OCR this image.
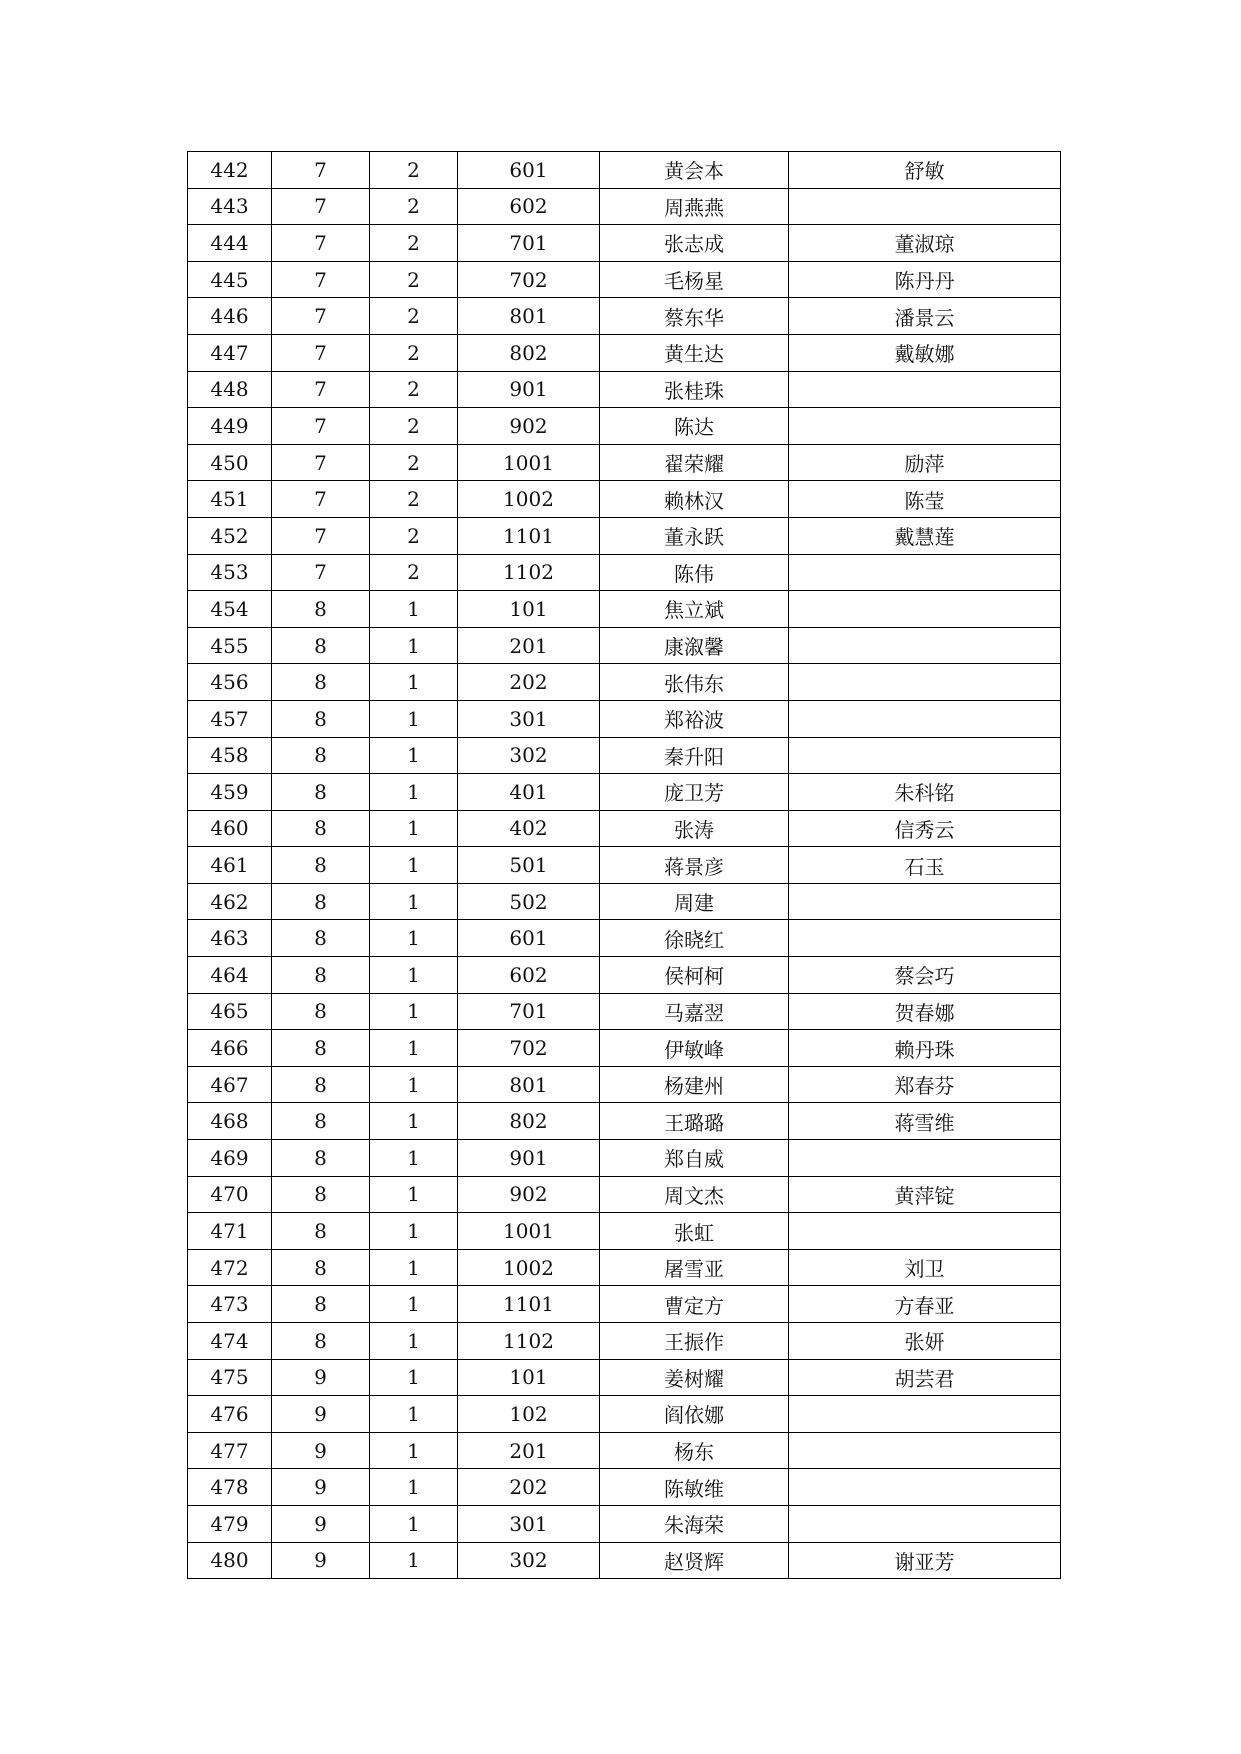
442	7	2	601	黄会本	舒敏
443	7	2	602	周燕燕	
444	7	2	701	张志成	董淑琼
445	7	2	702	毛杨星	陈丹丹
446	7	2	801	蔡东华	潘景云
447	7	2	802	黄生达	戴敏娜
448	7	2	901	张桂珠	
449	7	2	902	陈达	
450	7	2	1001	翟荣耀	励萍
451	7	2	1002	赖林汉	陈莹
452	7	2	1101	董永跃	戴慧莲
453	7	2	1102	陈伟	
454	8	1	101	焦立斌	
455	8	1	201	康溆馨	
456	8	1	202	张伟东	
457	8	1	301	郑裕波	
458	8	1	302	秦升阳	
459	8	1	401	庞卫芳	朱科铭
460	8	1	402	张涛	信秀云
461	8	1	501	蒋景彦	石玉
462	8	1	502	周建	
463	8	1	601	徐晓红	
464	8	1	602	侯柯柯	蔡会巧
465	8	1	701	马嘉翌	贺春娜
466	8	1	702	伊敏峰	赖丹珠
467	8	1	801	杨建州	郑春芬
468	8	1	802	王璐璐	蒋雪维
469	8	1	901	郑自威	
470	8	1	902	周文杰	黄萍锭
471	8	1	1001	张虹	
472	8	1	1002	屠雪亚	刘卫
473	8	1	1101	曹定方	方春亚
474	8	1	1102	王振作	张妍
475	9	1	101	姜树耀	胡芸君
476	9	1	102	阎依娜	
477	9	1	201	杨东	
478	9	1	202	陈敏维	
479	9	1	301	朱海荣	
480	9	1	302	赵贤辉	谢亚芳
